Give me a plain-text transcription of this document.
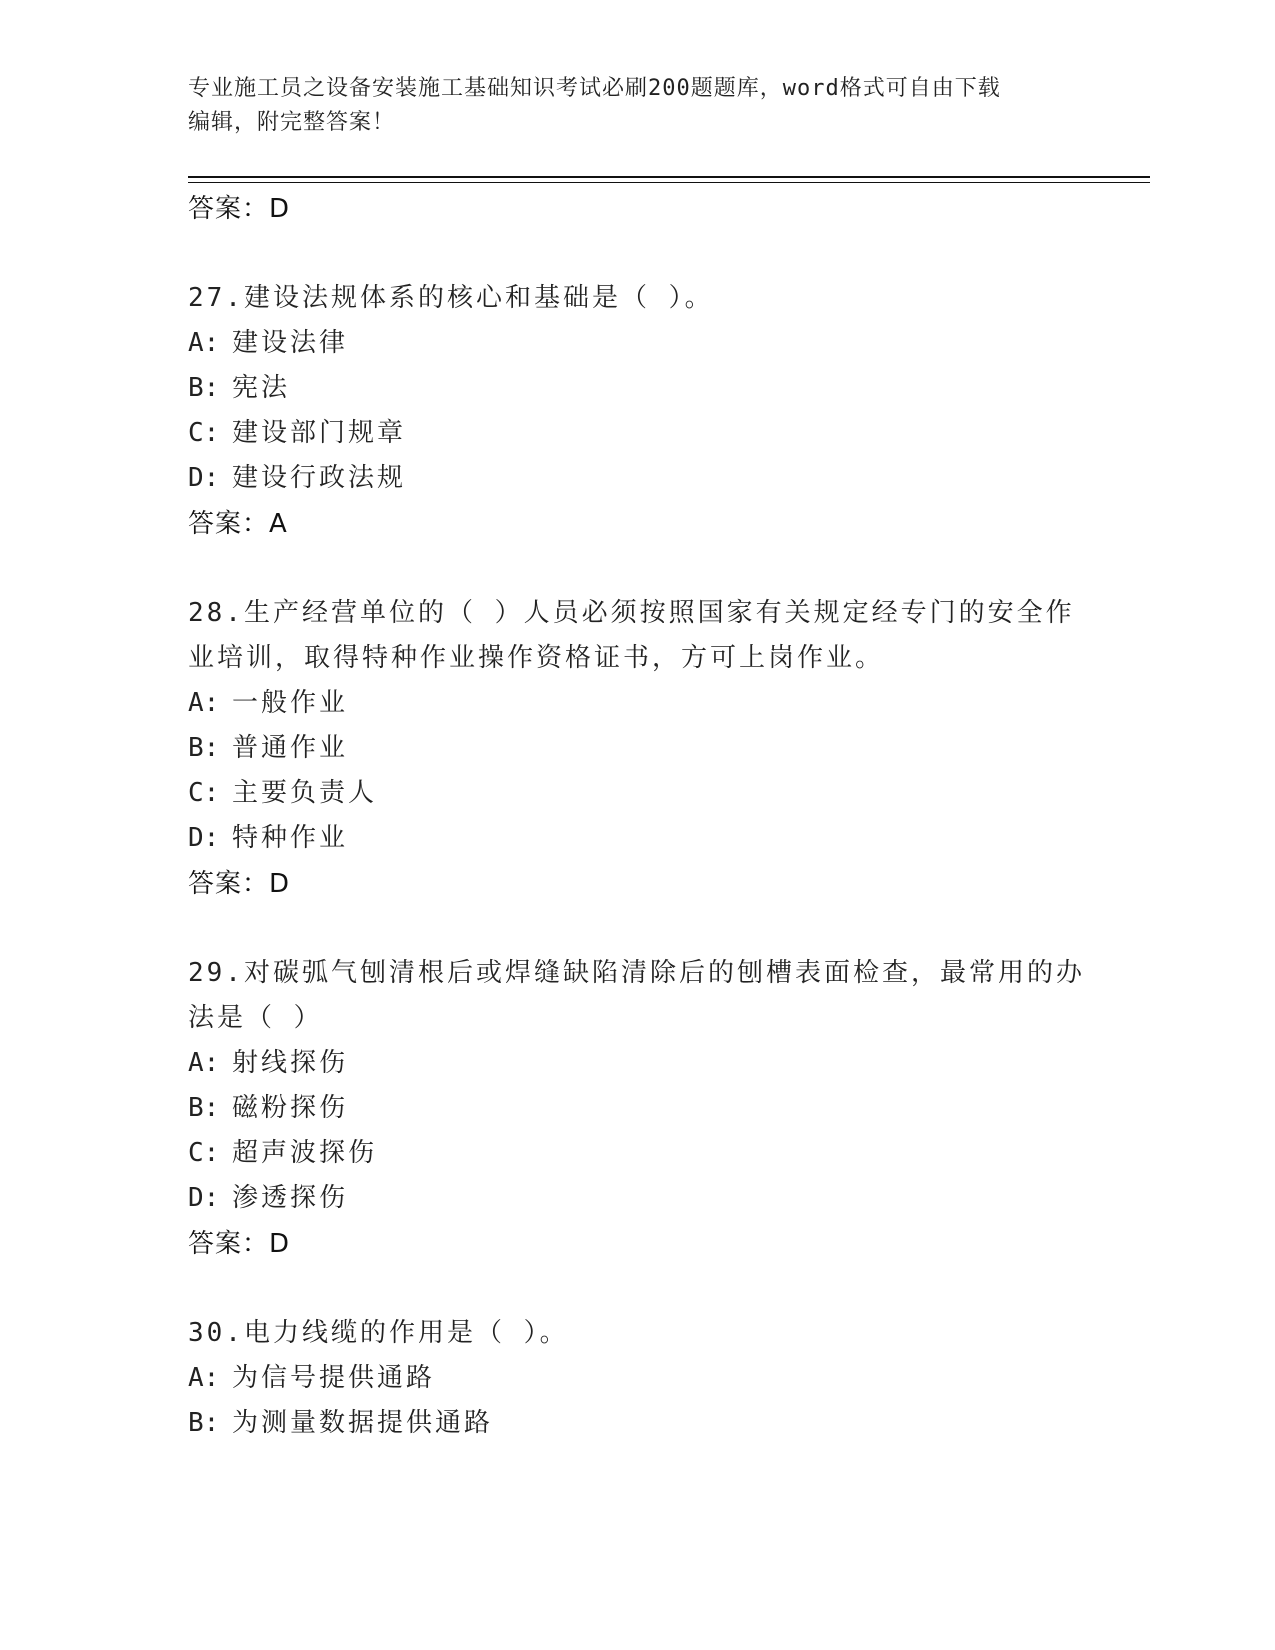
专业施工员之设备安装施工基础知识考试必刷200题题库，word格式可自由下载
编辑，附完整答案！
答案：D
27.建设法规体系的核心和基础是（ ）。
A: 建设法律
B: 宪法
C: 建设部门规章
D: 建设行政法规
答案：A
28.生产经营单位的（ ）人员必须按照国家有关规定经专门的安全作
业培训，取得特种作业操作资格证书，方可上岗作业。
A: 一般作业
B: 普通作业
C: 主要负责人
D: 特种作业
答案：D
29.对碳弧气刨清根后或焊缝缺陷清除后的刨槽表面检查，最常用的办
法是（ ）
A: 射线探伤
B: 磁粉探伤
C: 超声波探伤
D: 渗透探伤
答案：D
30.电力线缆的作用是（ ）。
A: 为信号提供通路
B: 为测量数据提供通路
